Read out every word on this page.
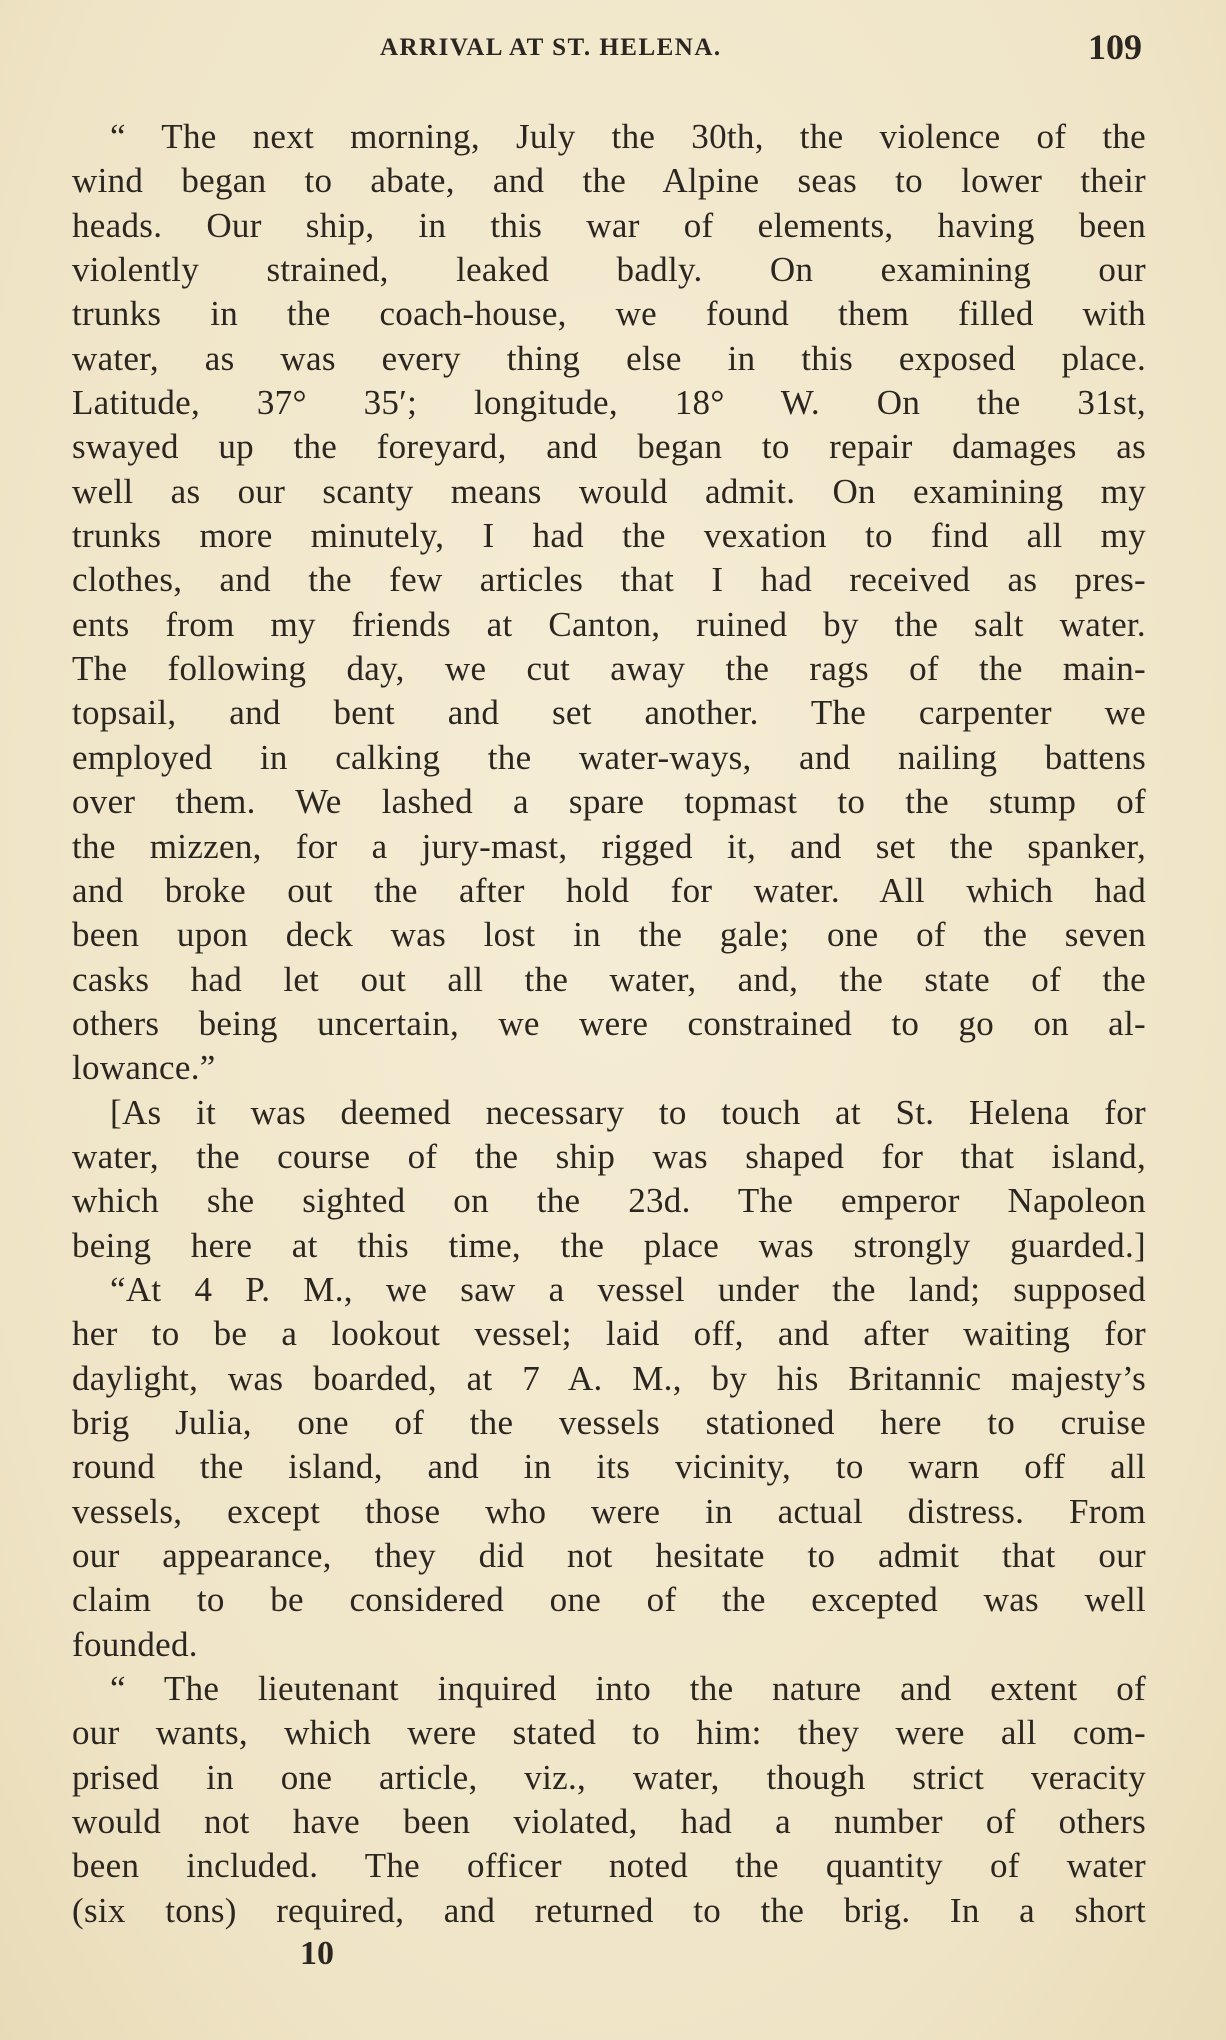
ARRIVAL AT ST. HELENA.	109
“ The next morning, July the 30th, the violence of the
wind began to abate, and the Alpine seas to lower their
heads. Our ship, in this war of elements, having been
violently strained, leaked badly. On examining our
trunks in the coach-house, we found them filled with
water, as was every thing else in this exposed place.
Latitude, 37° 35′; longitude, 18° W. On the 31st,
swayed up the foreyard, and began to repair damages as
well as our scanty means would admit. On examining my
trunks more minutely, I had the vexation to find all my
clothes, and the few articles that I had received as pres-
ents from my friends at Canton, ruined by the salt water.
The following day, we cut away the rags of the main-
topsail, and bent and set another. The carpenter we
employed in calking the water-ways, and nailing battens
over them. We lashed a spare topmast to the stump of
the mizzen, for a jury-mast, rigged it, and set the spanker,
and broke out the after hold for water. All which had
been upon deck was lost in the gale; one of the seven
casks had let out all the water, and, the state of the
others being uncertain, we were constrained to go on al-
lowance.”
[As it was deemed necessary to touch at St. Helena for
water, the course of the ship was shaped for that island,
which she sighted on the 23d. The emperor Napoleon
being here at this time, the place was strongly guarded.]
“At 4 P. M., we saw a vessel under the land; supposed
her to be a lookout vessel; laid off, and after waiting for
daylight, was boarded, at 7 A. M., by his Britannic majesty’s
brig Julia, one of the vessels stationed here to cruise
round the island, and in its vicinity, to warn off all
vessels, except those who were in actual distress. From
our appearance, they did not hesitate to admit that our
claim to be considered one of the excepted was well
founded.
“ The lieutenant inquired into the nature and extent of
our wants, which were stated to him: they were all com-
prised in one article, viz., water, though strict veracity
would not have been violated, had a number of others
been included. The officer noted the quantity of water
(six tons) required, and returned to the brig. In a short
10
